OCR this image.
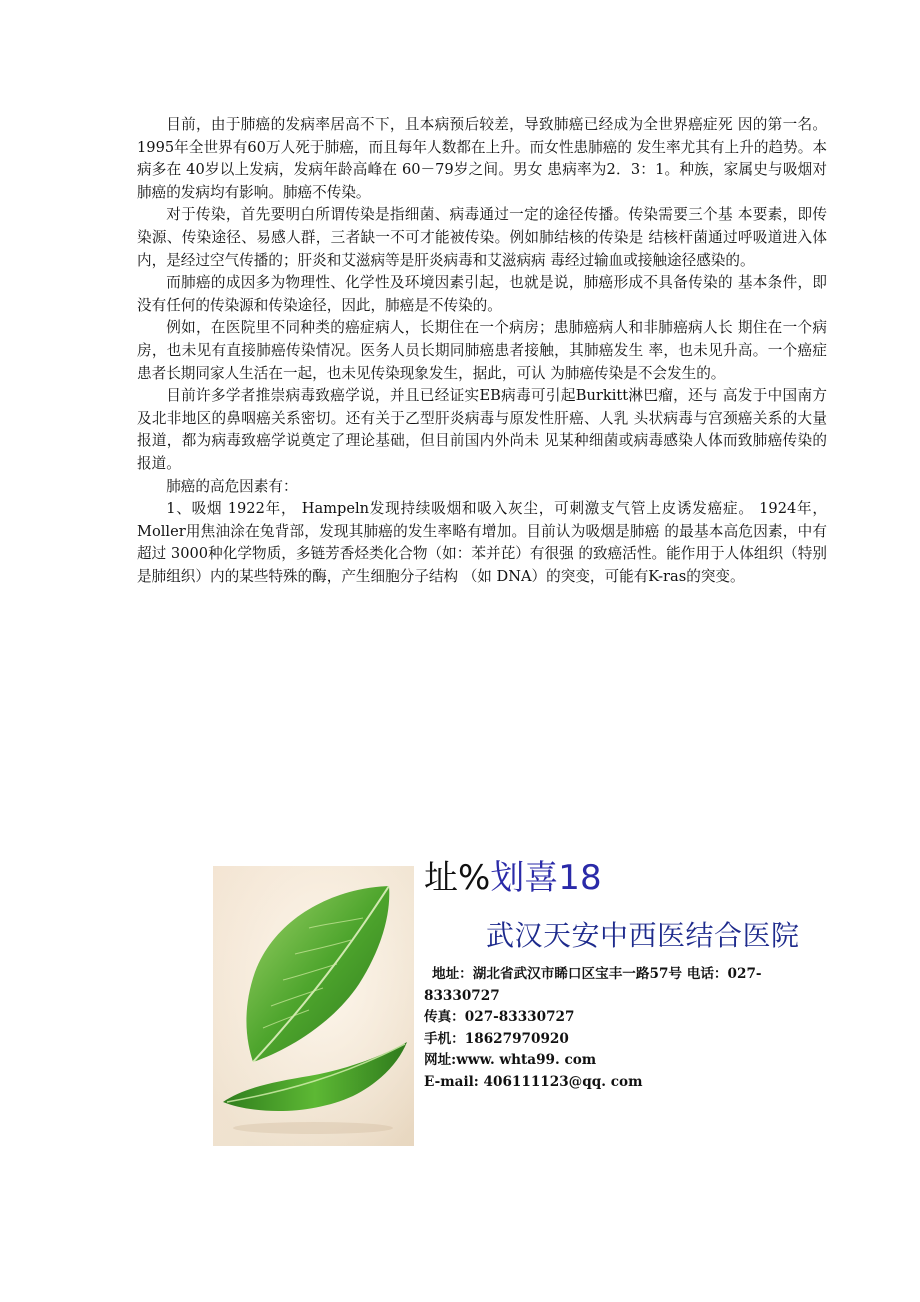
目前，由于肺癌的发病率居高不下，且本病预后较差，导致肺癌已经成为全世界癌症死 因的第一名。1995年全世界有60万人死于肺癌，而且每年人数都在上升。而女性患肺癌的 发生率尤其有上升的趋势。本病多在 40岁以上发病，发病年龄高峰在 60－79岁之间。男女 患病率为2．3：1。种族，家属史与吸烟对肺癌的发病均有影响。肺癌不传染。

对于传染，首先要明白所谓传染是指细菌、病毒通过一定的途径传播。传染需要三个基 本要素，即传染源、传染途径、易感人群，三者缺一不可才能被传染。例如肺结核的传染是 结核杆菌通过呼吸道进入体内，是经过空气传播的；肝炎和艾滋病等是肝炎病毒和艾滋病病 毒经过输血或接触途径感染的。

而肺癌的成因多为物理性、化学性及环境因素引起，也就是说，肺癌形成不具备传染的 基本条件，即没有任何的传染源和传染途径，因此，肺癌是不传染的。

例如，在医院里不同种类的癌症病人，长期住在一个病房；患肺癌病人和非肺癌病人长 期住在一个病房，也未见有直接肺癌传染情况。医务人员长期同肺癌患者接触，其肺癌发生 率，也未见升高。一个癌症患者长期同家人生活在一起，也未见传染现象发生，据此，可认 为肺癌传染是不会发生的。

目前许多学者推崇病毒致癌学说，并且已经证实EB病毒可引起Burkitt淋巴瘤，还与 高发于中国南方及北非地区的鼻咽癌关系密切。还有关于乙型肝炎病毒与原发性肝癌、人乳 头状病毒与宫颈癌关系的大量报道，都为病毒致癌学说奠定了理论基础，但目前国内外尚未 见某种细菌或病毒感染人体而致肺癌传染的报道。

肺癌的高危因素有：

1、吸烟 1922年， Hampeln发现持续吸烟和吸入灰尘，可刺激支气管上皮诱发癌症。 1924年， Moller用焦油涂在兔背部，发现其肺癌的发生率略有增加。目前认为吸烟是肺癌 的最基本高危因素，中有超过 3000种化学物质，多链芳香烃类化合物（如：苯并芘）有很强 的致癌活性。能作用于人体组织（特别是肺组织）内的某些特殊的酶，产生细胞分子结构 （如 DNA）的突变，可能有K-ras的突变。

址%划喜18
武汉天安中西医结合医院
地址：湖北省武汉市睎口区宝丰一路57号 电话：027-
83330727
传真：027-83330727
手机：18627970920
网址:www. whta99. com
E-mail: 406111123@qq. com
